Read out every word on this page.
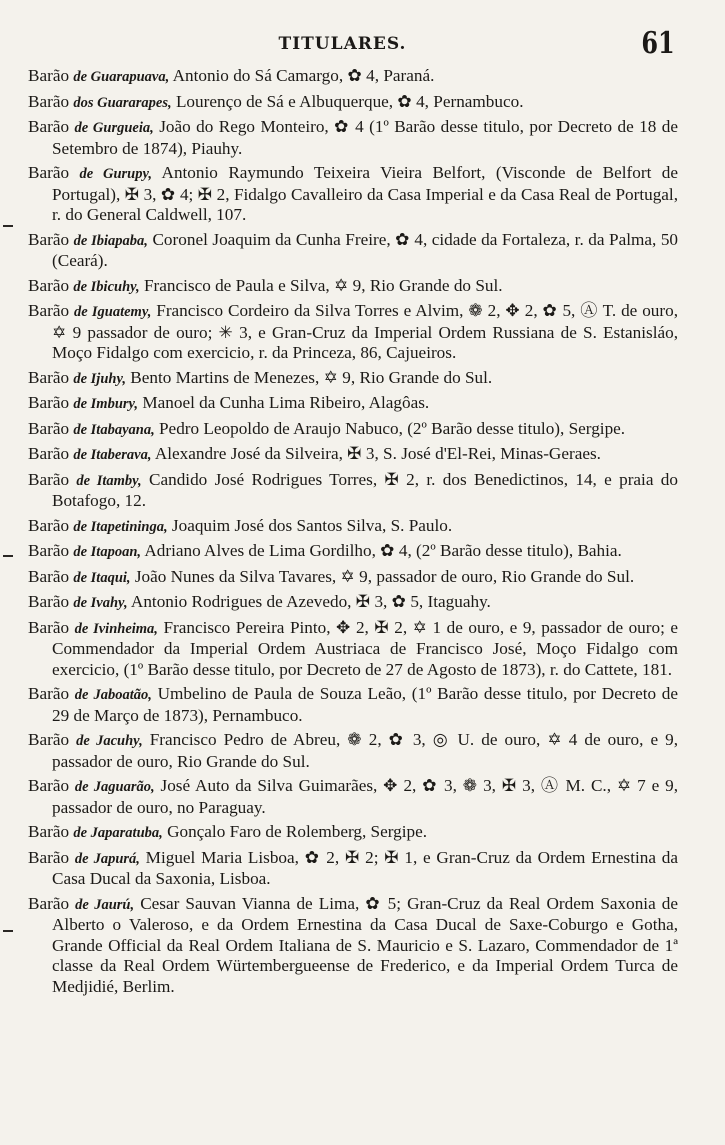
TITULARES.	61

Barão de Guarapuava, Antonio do Sá Camargo, ✿ 4, Paraná.

Barão dos Guararapes, Lourenço de Sá e Albuquerque, ✿ 4, Pernambuco.

Barão de Gurgueia, João do Rego Monteiro, ✿ 4 (1º Barão desse titulo, por Decreto de 18 de Setembro de 1874), Piauhy.

Barão de Gurupy, Antonio Raymundo Teixeira Vieira Belfort, (Visconde de Belfort de Portugal), ✠ 3, ✿ 4; ✠ 2, Fidalgo Cavalleiro da Casa Imperial e da Casa Real de Portugal, r. do General Caldwell, 107.

Barão de Ibiapaba, Coronel Joaquim da Cunha Freire, ✿ 4, cidade da Fortaleza, r. da Palma, 50 (Ceará).

Barão de Ibicuhy, Francisco de Paula e Silva, ✡ 9, Rio Grande do Sul.

Barão de Iguatemy, Francisco Cordeiro da Silva Torres e Alvim, ❁ 2, ✥ 2, ✿ 5, Ⓐ T. de ouro, ✡ 9 passador de ouro; ✳ 3, e Gran-Cruz da Imperial Ordem Russiana de S. Estanisláo, Moço Fidalgo com exercicio, r. da Princeza, 86, Cajueiros.

Barão de Ijuhy, Bento Martins de Menezes, ✡ 9, Rio Grande do Sul.

Barão de Imbury, Manoel da Cunha Lima Ribeiro, Alagôas.

Barão de Itabayana, Pedro Leopoldo de Araujo Nabuco, (2º Barão desse titulo), Sergipe.

Barão de Itaberava, Alexandre José da Silveira, ✠ 3, S. José d'El-Rei, Minas-Geraes.

Barão de Itamby, Candido José Rodrigues Torres, ✠ 2, r. dos Benedictinos, 14, e praia do Botafogo, 12.

Barão de Itapetininga, Joaquim José dos Santos Silva, S. Paulo.

Barão de Itapoan, Adriano Alves de Lima Gordilho, ✿ 4, (2º Barão desse titulo), Bahia.

Barão de Itaqui, João Nunes da Silva Tavares, ✡ 9, passador de ouro, Rio Grande do Sul.

Barão de Ivahy, Antonio Rodrigues de Azevedo, ✠ 3, ✿ 5, Itaguahy.

Barão de Ivinheima, Francisco Pereira Pinto, ✥ 2, ✠ 2, ✡ 1 de ouro, e 9, passador de ouro; e Commendador da Imperial Ordem Austriaca de Francisco José, Moço Fidalgo com exercicio, (1º Barão desse titulo, por Decreto de 27 de Agosto de 1873), r. do Cattete, 181.

Barão de Jaboatão, Umbelino de Paula de Souza Leão, (1º Barão desse titulo, por Decreto de 29 de Março de 1873), Pernambuco.

Barão de Jacuhy, Francisco Pedro de Abreu, ❁ 2, ✿ 3, ◎ U. de ouro, ✡ 4 de ouro, e 9, passador de ouro, Rio Grande do Sul.

Barão de Jaguarão, José Auto da Silva Guimarães, ✥ 2, ✿ 3, ❁ 3, ✠ 3, Ⓐ M. C., ✡ 7 e 9, passador de ouro, no Paraguay.

Barão de Japaratuba, Gonçalo Faro de Rolemberg, Sergipe.

Barão de Japurá, Miguel Maria Lisboa, ✿ 2, ✠ 2; ✠ 1, e Gran-Cruz da Ordem Ernestina da Casa Ducal da Saxonia, Lisboa.

Barão de Jaurú, Cesar Sauvan Vianna de Lima, ✿ 5; Gran-Cruz da Real Ordem Saxonia de Alberto o Valeroso, e da Ordem Ernestina da Casa Ducal de Saxe-Coburgo e Gotha, Grande Official da Real Ordem Italiana de S. Mauricio e S. Lazaro, Commendador de 1ª classe da Real Ordem Würtembergueense de Frederico, e da Imperial Ordem Turca de Medjidié, Berlim.
